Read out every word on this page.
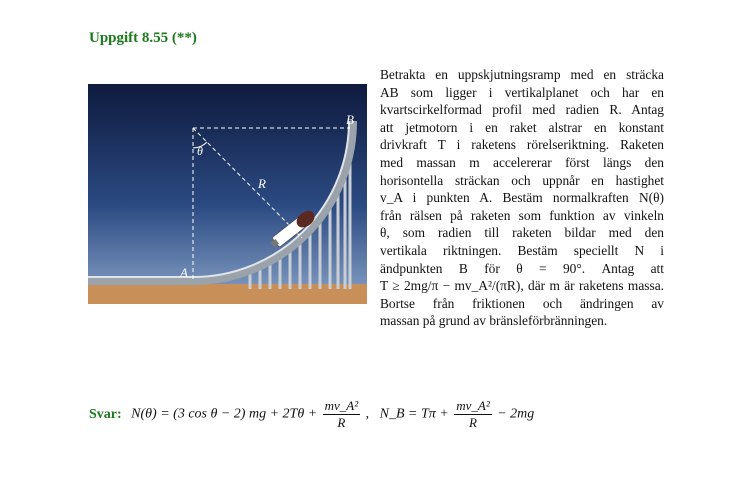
Uppgift 8.55 (**)
B
A
R
θ

Betrakta en uppskjutningsramp med en sträcka

AB som ligger i vertikalplanet och har en

kvartscirkelformad profil med radien R. Antag

att jetmotorn i en raket alstrar en konstant

drivkraft T i raketens rörelseriktning. Raketen

med massan m accelererar först längs den

horisontella sträckan och uppnår en hastighet

v_A i punkten A. Bestäm normalkraften N(θ)

från rälsen på raketen som funktion av vinkeln

θ, som radien till raketen bildar med den

vertikala riktningen. Bestäm speciellt N i

ändpunkten B för θ = 90°. Antag att

T ≥ 2mg/π − mv_A²/(πR), där m är raketens massa.

Bortse från friktionen och ändringen av

massan på grund av bränsleförbränningen.

Svar: N(θ) = (3 cos θ − 2) mg + $2T\theta + \frac{\text{mv\_A²}}{R}$ , N_B = $T\pi + \frac{\text{mv\_A²}}{R} - 2mg$
